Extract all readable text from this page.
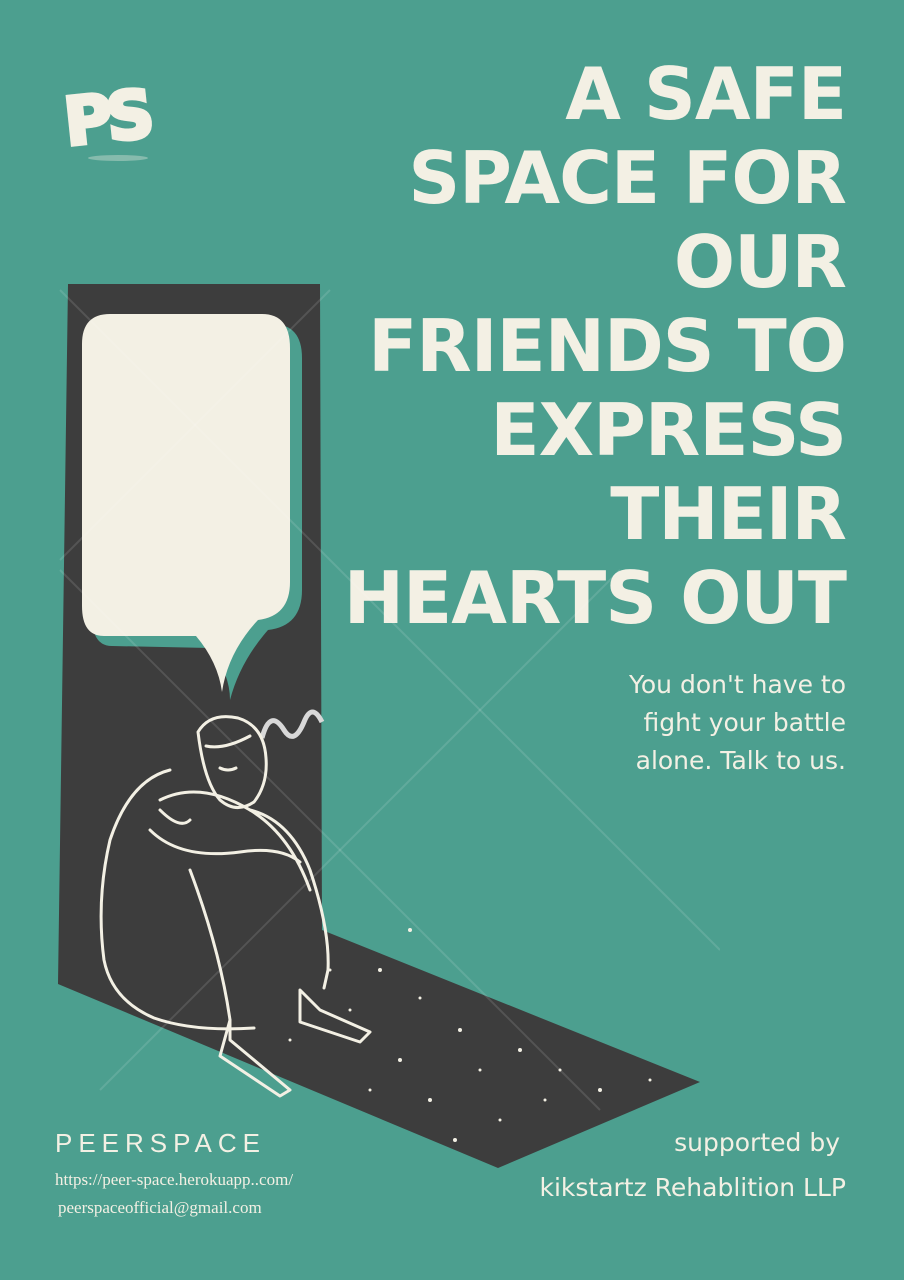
PS	A SAFE
SPACE FOR
OUR
FRIENDS TO
EXPRESS
THEIR
HEARTS OUT

You don't have to
fight your battle
alone. Talk to us.

PEERSPACE
https://peer-space.herokuapp..com/
peerspaceofficial@gmail.com
supported by
kikstartz Rehablition LLP
